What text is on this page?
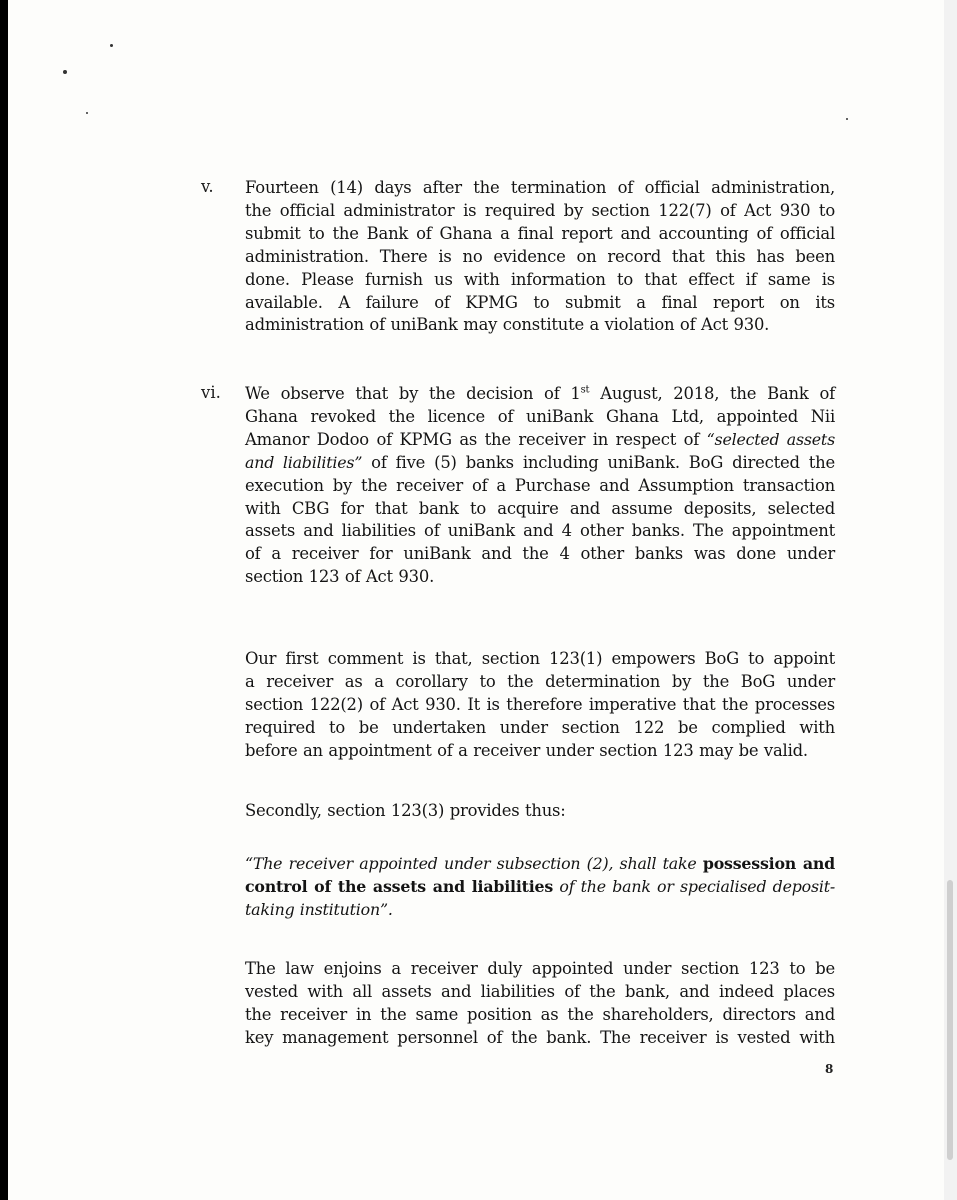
v. Fourteen (14) days after the termination of official administration,
the official administrator is required by section 122(7) of Act 930 to
submit to the Bank of Ghana a final report and accounting of official
administration. There is no evidence on record that this has been
done. Please furnish us with information to that effect if same is
available. A failure of KPMG to submit a final report on its
administration of uniBank may constitute a violation of Act 930.
vi. We observe that by the decision of 1st August, 2018, the Bank of
Ghana revoked the licence of uniBank Ghana Ltd, appointed Nii
Amanor Dodoo of KPMG as the receiver in respect of “selected assets
and liabilities” of five (5) banks including uniBank. BoG directed the
execution by the receiver of a Purchase and Assumption transaction
with CBG for that bank to acquire and assume deposits, selected
assets and liabilities of uniBank and 4 other banks. The appointment
of a receiver for uniBank and the 4 other banks was done under
section 123 of Act 930.
Our first comment is that, section 123(1) empowers BoG to appoint
a receiver as a corollary to the determination by the BoG under
section 122(2) of Act 930. It is therefore imperative that the processes
required to be undertaken under section 122 be complied with
before an appointment of a receiver under section 123 may be valid.
Secondly, section 123(3) provides thus:
“The receiver appointed under subsection (2), shall take possession and
control of the assets and liabilities of the bank or specialised deposit-
taking institution”.
The law enjoins a receiver duly appointed under section 123 to be
vested with all assets and liabilities of the bank, and indeed places
the receiver in the same position as the shareholders, directors and
key management personnel of the bank. The receiver is vested with
8
